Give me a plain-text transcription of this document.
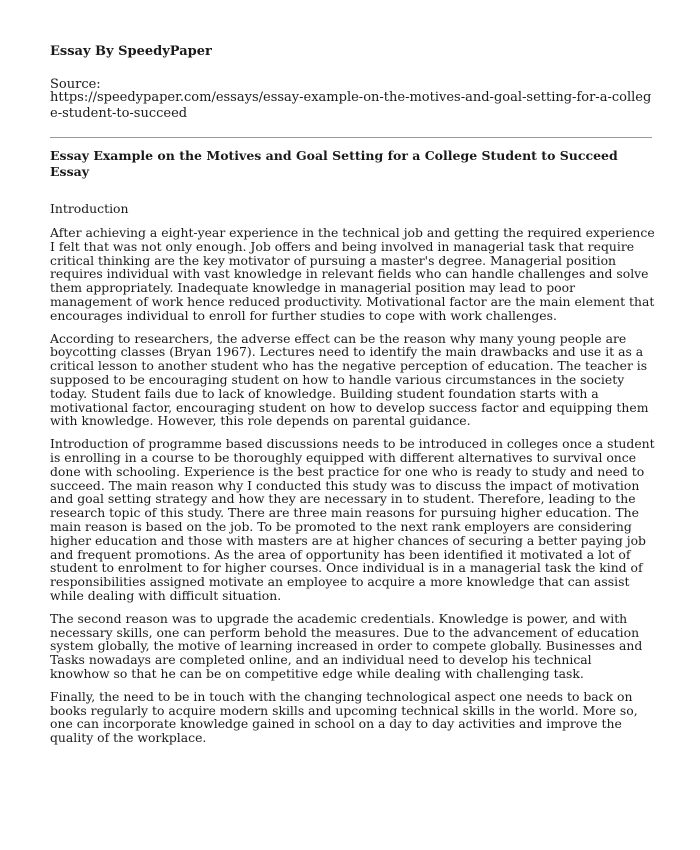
Essay By SpeedyPaper
Source:
https://speedypaper.com/essays/essay-example-on-the-motives-and-goal-setting-for-a-college-student-to-succeed
Essay Example on the Motives and Goal Setting for a College Student to Succeed Essay
Introduction

After achieving a eight-year experience in the technical job and getting the required experience I felt that was not only enough. Job offers and being involved in managerial task that require critical thinking are the key motivator of pursuing a master's degree. Managerial position requires individual with vast knowledge in relevant fields who can handle challenges and solve them appropriately. Inadequate knowledge in managerial position may lead to poor management of work hence reduced productivity. Motivational factor are the main element that encourages individual to enroll for further studies to cope with work challenges.

According to researchers, the adverse effect can be the reason why many young people are boycotting classes (Bryan 1967). Lectures need to identify the main drawbacks and use it as a critical lesson to another student who has the negative perception of education. The teacher is supposed to be encouraging student on how to handle various circumstances in the society today. Student fails due to lack of knowledge. Building student foundation starts with a motivational factor, encouraging student on how to develop success factor and equipping them with knowledge. However, this role depends on parental guidance.

Introduction of programme based discussions needs to be introduced in colleges once a student is enrolling in a course to be thoroughly equipped with different alternatives to survival once done with schooling. Experience is the best practice for one who is ready to study and need to succeed. The main reason why I conducted this study was to discuss the impact of motivation and goal setting strategy and how they are necessary in to student. Therefore, leading to the research topic of this study. There are three main reasons for pursuing higher education. The main reason is based on the job. To be promoted to the next rank employers are considering higher education and those with masters are at higher chances of securing a better paying job and frequent promotions. As the area of opportunity has been identified it motivated a lot of student to enrolment to for higher courses. Once individual is in a managerial task the kind of responsibilities assigned motivate an employee to acquire a more knowledge that can assist while dealing with difficult situation.

The second reason was to upgrade the academic credentials. Knowledge is power, and with necessary skills, one can perform behold the measures. Due to the advancement of education system globally, the motive of learning increased in order to compete globally. Businesses and Tasks nowadays are completed online, and an individual need to develop his technical knowhow so that he can be on competitive edge while dealing with challenging task.

Finally, the need to be in touch with the changing technological aspect one needs to back on books regularly to acquire modern skills and upcoming technical skills in the world. More so, one can incorporate knowledge gained in school on a day to day activities and improve the quality of the workplace.
